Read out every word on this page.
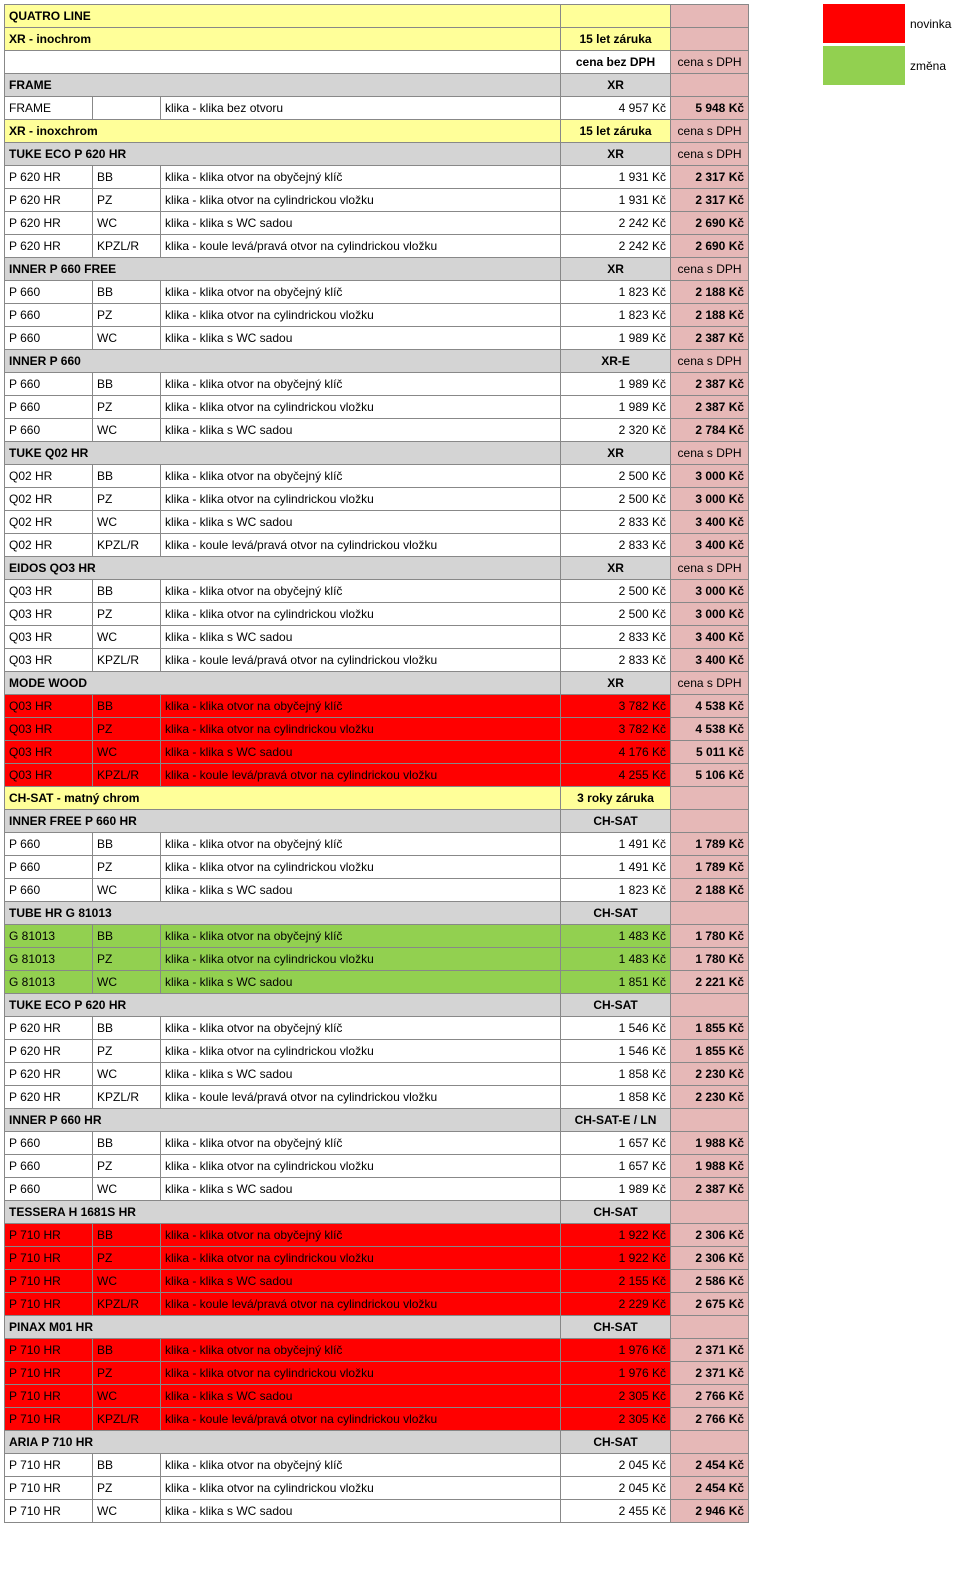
QUATRO LINE				
XR - inochrom			15 let záruka	
			cena bez DPH	cena s DPH
FRAME			XR	
FRAME		klika - klika bez otvoru	4 957 Kč	5 948 Kč
XR - inoxchrom			15 let záruka	cena s DPH
TUKE ECO P 620 HR			XR	cena s DPH
P 620 HR	BB	klika - klika otvor na obyčejný klíč	1 931 Kč	2 317 Kč
P 620 HR	PZ	klika - klika otvor na cylindrickou vložku	1 931 Kč	2 317 Kč
P 620 HR	WC	klika - klika s WC sadou	2 242 Kč	2 690 Kč
P 620 HR	KPZL/R	klika - koule levá/pravá otvor na cylindrickou vložku	2 242 Kč	2 690 Kč
INNER P 660 FREE			XR	cena s DPH
P 660	BB	klika - klika otvor na obyčejný klíč	1 823 Kč	2 188 Kč
P 660	PZ	klika - klika otvor na cylindrickou vložku	1 823 Kč	2 188 Kč
P 660	WC	klika - klika s WC sadou	1 989 Kč	2 387 Kč
INNER P 660			XR-E	cena s DPH
P 660	BB	klika - klika otvor na obyčejný klíč	1 989 Kč	2 387 Kč
P 660	PZ	klika - klika otvor na cylindrickou vložku	1 989 Kč	2 387 Kč
P 660	WC	klika - klika s WC sadou	2 320 Kč	2 784 Kč
TUKE Q02 HR			XR	cena s DPH
Q02 HR	BB	klika - klika otvor na obyčejný klíč	2 500 Kč	3 000 Kč
Q02 HR	PZ	klika - klika otvor na cylindrickou vložku	2 500 Kč	3 000 Kč
Q02 HR	WC	klika - klika s WC sadou	2 833 Kč	3 400 Kč
Q02 HR	KPZL/R	klika - koule levá/pravá otvor na cylindrickou vložku	2 833 Kč	3 400 Kč
EIDOS QO3 HR			XR	cena s DPH
Q03 HR	BB	klika - klika otvor na obyčejný klíč	2 500 Kč	3 000 Kč
Q03 HR	PZ	klika - klika otvor na cylindrickou vložku	2 500 Kč	3 000 Kč
Q03 HR	WC	klika - klika s WC sadou	2 833 Kč	3 400 Kč
Q03 HR	KPZL/R	klika - koule levá/pravá otvor na cylindrickou vložku	2 833 Kč	3 400 Kč
MODE WOOD			XR	cena s DPH
Q03 HR	BB	klika - klika otvor na obyčejný klíč	3 782 Kč	4 538 Kč
Q03 HR	PZ	klika - klika otvor na cylindrickou vložku	3 782 Kč	4 538 Kč
Q03 HR	WC	klika - klika s WC sadou	4 176 Kč	5 011 Kč
Q03 HR	KPZL/R	klika - koule levá/pravá otvor na cylindrickou vložku	4 255 Kč	5 106 Kč
CH-SAT - matný chrom			3 roky záruka	
INNER FREE P 660 HR			CH-SAT	
P 660	BB	klika - klika otvor na obyčejný klíč	1 491 Kč	1 789 Kč
P 660	PZ	klika - klika otvor na cylindrickou vložku	1 491 Kč	1 789 Kč
P 660	WC	klika - klika s WC sadou	1 823 Kč	2 188 Kč
TUBE HR G 81013			CH-SAT	
G 81013	BB	klika - klika otvor na obyčejný klíč	1 483 Kč	1 780 Kč
G 81013	PZ	klika - klika otvor na cylindrickou vložku	1 483 Kč	1 780 Kč
G 81013	WC	klika - klika s WC sadou	1 851 Kč	2 221 Kč
TUKE ECO P 620 HR			CH-SAT	
P 620 HR	BB	klika - klika otvor na obyčejný klíč	1 546 Kč	1 855 Kč
P 620 HR	PZ	klika - klika otvor na cylindrickou vložku	1 546 Kč	1 855 Kč
P 620 HR	WC	klika - klika s WC sadou	1 858 Kč	2 230 Kč
P 620 HR	KPZL/R	klika - koule levá/pravá otvor na cylindrickou vložku	1 858 Kč	2 230 Kč
INNER P 660 HR			CH-SAT-E / LN	
P 660	BB	klika - klika otvor na obyčejný klíč	1 657 Kč	1 988 Kč
P 660	PZ	klika - klika otvor na cylindrickou vložku	1 657 Kč	1 988 Kč
P 660	WC	klika - klika s WC sadou	1 989 Kč	2 387 Kč
TESSERA H 1681S HR			CH-SAT	
P 710 HR	BB	klika - klika otvor na obyčejný klíč	1 922 Kč	2 306 Kč
P 710 HR	PZ	klika - klika otvor na cylindrickou vložku	1 922 Kč	2 306 Kč
P 710 HR	WC	klika - klika s WC sadou	2 155 Kč	2 586 Kč
P 710 HR	KPZL/R	klika - koule levá/pravá otvor na cylindrickou vložku	2 229 Kč	2 675 Kč
PINAX M01 HR			CH-SAT	
P 710 HR	BB	klika - klika otvor na obyčejný klíč	1 976 Kč	2 371 Kč
P 710 HR	PZ	klika - klika otvor na cylindrickou vložku	1 976 Kč	2 371 Kč
P 710 HR	WC	klika - klika s WC sadou	2 305 Kč	2 766 Kč
P 710 HR	KPZL/R	klika - koule levá/pravá otvor na cylindrickou vložku	2 305 Kč	2 766 Kč
ARIA P 710 HR			CH-SAT	
P 710 HR	BB	klika - klika otvor na obyčejný klíč	2 045 Kč	2 454 Kč
P 710 HR	PZ	klika - klika otvor na cylindrickou vložku	2 045 Kč	2 454 Kč
P 710 HR	WC	klika - klika s WC sadou	2 455 Kč	2 946 Kč
novinka
změna
